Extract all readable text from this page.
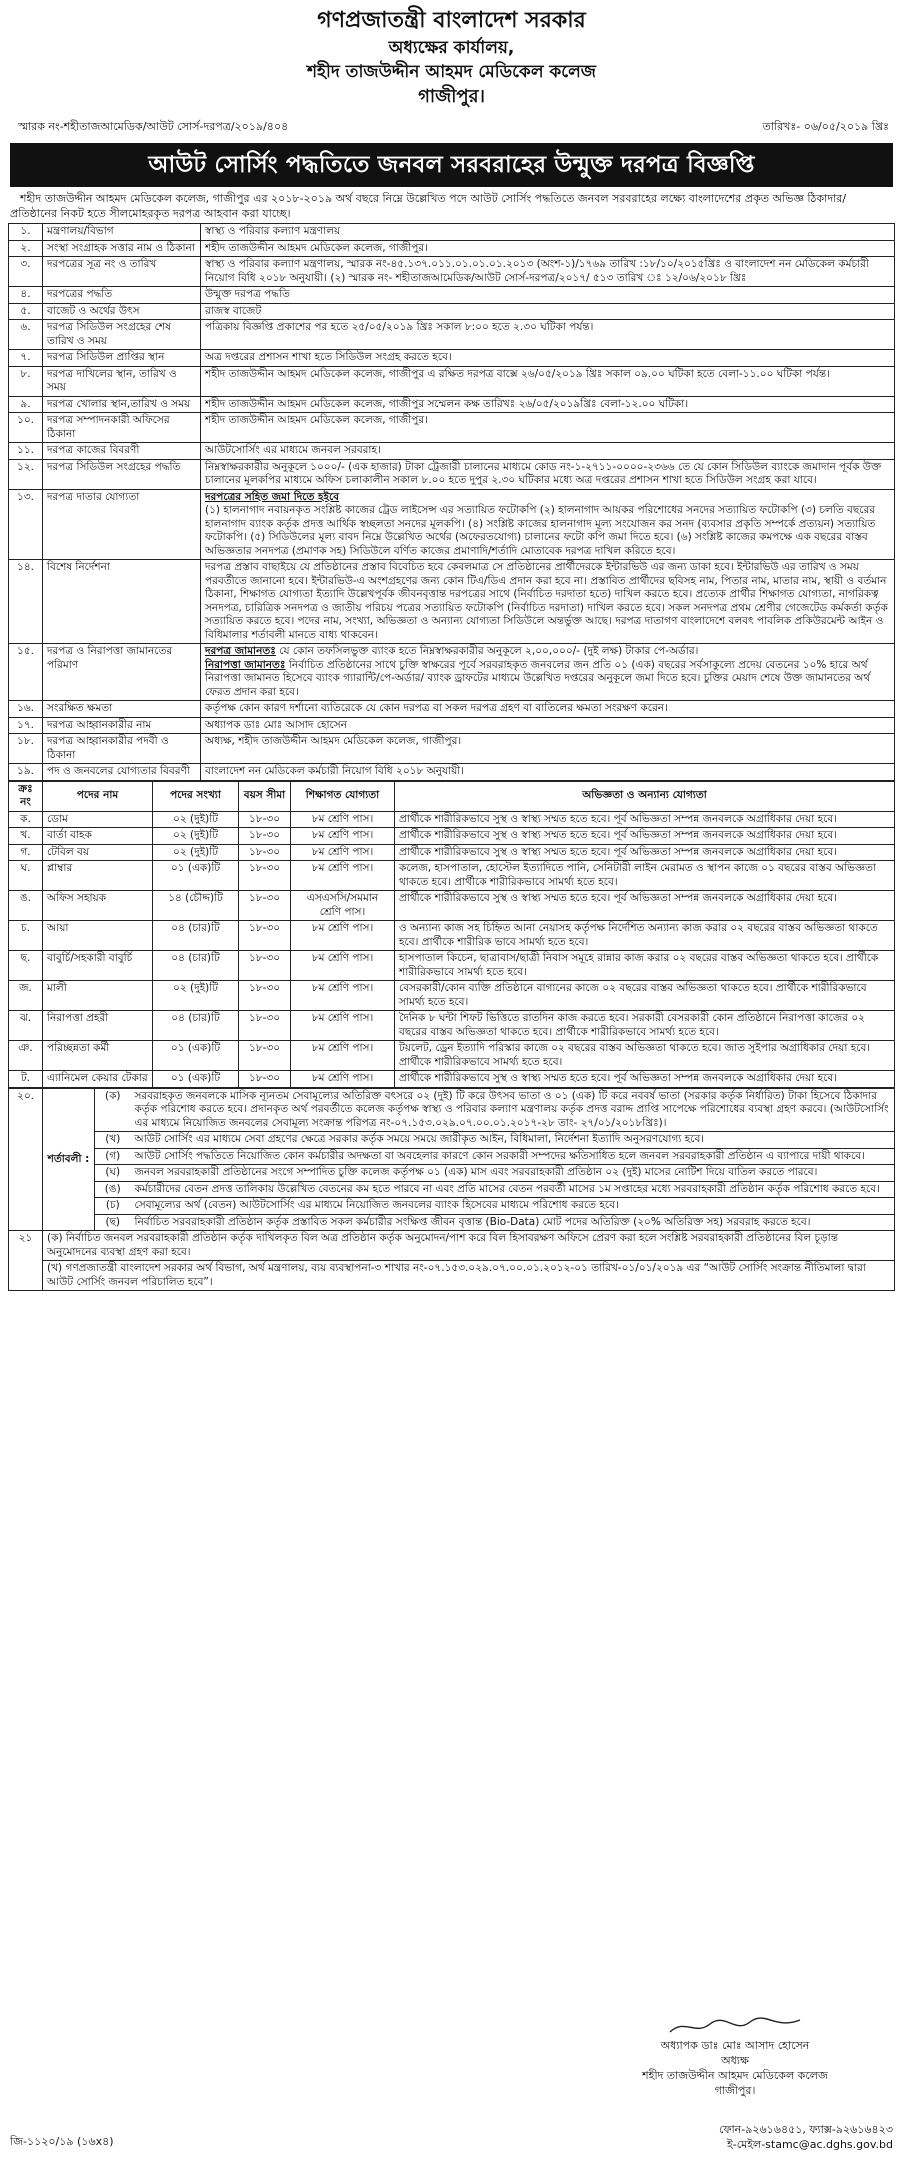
গণপ্রজাতন্ত্রী বাংলাদেশ সরকার
অধ্যক্ষের কার্যালয়,
শহীদ তাজউদ্দীন আহমদ মেডিকেল কলেজ
গাজীপুর।
স্মারক নং-শহীতাজআমেডিক/আউট সোর্স-দরপত্র/২০১৯/৪০৪	তারিখঃ- ০৬/০৫/২০১৯ খ্রিঃ
আউট সোর্সিং পদ্ধতিতে জনবল সরবরাহের উন্মুক্ত দরপত্র বিজ্ঞপ্তি
শহীদ তাজউদ্দীন আহমদ মেডিকেল কলেজ, গাজীপুর এর ২০১৮-২০১৯ অর্থ বছরে নিম্নে উল্লেখিত পদে আউট সোর্সিং পদ্ধতিতে জনবল সরবরাহের লক্ষ্যে বাংলাদেশের প্রকৃত অভিজ্ঞ ঠিকাদার/প্রতিষ্ঠানের নিকট হতে সীলমোহরকৃত দরপত্র আহবান করা যাচ্ছে।
১.	মন্ত্রণালয়/বিভাগ	স্বাস্থ্য ও পরিবার কল্যাণ মন্ত্রণালয়
২.	সংস্থা সংগ্রাহক সত্তার নাম ও ঠিকানা	শহীদ তাজউদ্দীন আহমদ মেডিকেল কলেজ, গাজীপুর।
৩.	দরপত্রের সূত্র নং ও তারিখ	স্বাস্থ্য ও পরিবার কল্যাণ মন্ত্রণালয়, স্মারক নং-৪৫.১৩৭.০১১.০১.০১.০১.২০১৩ (অংশ-১)/১৭৬৯ তারিখ :১৮/১০/২০১৫খ্রিঃ ও বাংলাদেশ নন মেডিকেল কর্মচারী নিয়োগ বিধি ২০১৮ অনুযায়ী। (২) স্মারক নং- শহীতাজআমেডিক/আউট সোর্স-দরপত্র/২০১৭/ ৫১৩ তারিখ ঃ ১২/০৬/২০১৮ খ্রিঃ
৪.	দরপত্রের পদ্ধতি	উন্মুক্ত দরপত্র পদ্ধতি
৫.	বাজেট ও অর্থের উৎস	রাজস্ব বাজেট
৬.	দরপত্র সিডিউল সংগ্রহের শেষ তারিখ ও সময়	পত্রিকায় বিজ্ঞপ্তি প্রকাশের পর হতে ২৫/০৫/২০১৯ খ্রিঃ সকাল ৮:০০ হতে ২.৩০ ঘটিকা পর্যন্ত।
৭.	দরপত্র সিডিউল প্রাপ্তির স্থান	অত্র দপ্তরের প্রশাসন শাখা হতে সিডিউল সংগ্রহ করতে হবে।
৮.	দরপত্র দাখিলের স্থান, তারিখ ও সময়	শহীদ তাজউদ্দীন আহমদ মেডিকেল কলেজ, গাজীপুর এ রক্ষিত দরপত্র বাক্সে ২৬/০৫/২০১৯ খ্রিঃ সকাল ০৯.০০ ঘটিকা হতে বেলা-১১.০০ ঘটিকা পর্যন্ত।
৯.	দরপত্র খোলার স্থান,তারিখ ও সময়	শহীদ তাজউদ্দীন আহমদ মেডিকেল কলেজ, গাজীপুর সম্মেলন কক্ষ তারিখঃ ২৬/০৫/২০১৯খ্রিঃ বেলা-১২.০০ ঘটিকা।
১০.	দরপত্র সম্পাদনকারী অফিসের ঠিকানা	শহীদ তাজউদ্দীন আহমদ মেডিকেল কলেজ, গাজীপুর।
১১.	দরপত্র কাজের বিবরণী	আউটসোর্সিং এর মাধ্যমে জনবল সরবরাহ।
১২.	দরপত্র সিডিউল সংগ্রহের পদ্ধতি	নিম্নস্বাক্ষরকারীর অনুকূলে ১০০০/- (এক হাজার) টাকা ট্রেজারী চালানের মাধ্যমে কোড নং-১-২৭১১-০০০০-২৩৬৬ তে যে কোন সিডিউল ব্যাংকে জমাদান পূর্বক উক্ত চালানের মূলকপির মাধ্যমে অফিস চলাকালীন সকাল ৮.০০ হতে দুপুর ২.৩০ ঘটিকার মধ্যে অত্র দপ্তরের প্রশাসন শাখা হতে সিডিউল সংগ্রহ করা যাবে।
১৩.	দরপত্র দাতার যোগ্যতা	দরপত্রের সহিত জমা দিতে হইবে
(১) হালনাগাদ নবায়নকৃত সংশ্লিষ্ট কাজের ট্রেড লাইসেন্স এর সত্যায়িত ফটোকপি (২) হালনাগাদ আয়কর পরিশোধের সনদের সত্যায়িত ফটোকপি (৩) চলতি বছরের হালনাগাদ ব্যাংক কর্তৃক প্রদত্ত আর্থিক স্বচ্ছলতা সনদের মূলকপি। (৪) সংশ্লিষ্ট কাজের হালনাগাদ মূল্য সংযোজন কর সনদ (ব্যবসার প্রকৃতি সম্পর্কে প্রত্যয়ন) সত্যায়িত ফটোকপি। (৫) সিডিউলের মূল্য বাবদ নিম্নে উল্লেখিত অর্থের (অফেরতযোগ্য) চালানের ফটো কপি জমা দিতে হবে। (৬) সংশ্লিষ্ট কাজের কমপক্ষে এক বছরের বাস্তব অভিজ্ঞতার সনদপত্র (প্রমাণক সহ) সিডিউলে বর্ণিত কাজের প্রমাণাদি/শর্তাদি মোতাবেক দরপত্র দাখিল করিতে হবে।

১৪.	বিশেষ নির্দেশনা	দরপত্র প্রস্তাব বাছাইয়ে যে প্রতিষ্ঠানের প্রস্তাব বিবেচিত হবে কেবলমাত্র সে প্রতিষ্ঠানের প্রার্থীদেরকে ইন্টারভিউ এর জন্য ডাকা হবে। ইন্টারভিউ এর তারিখ ও সময় পরবর্তীতে জানানো হবে। ইন্টারভিউ-এ অংশগ্রহণের জন্য কোন টিএ/ডিএ প্রদান করা হবে না। প্রস্তাবিত প্রার্থীদের ছবিসহ নাম, পিতার নাম, মাতার নাম, স্থায়ী ও বর্তমান ঠিকানা, শিক্ষাগত যোগ্যতা ইত্যাদি উল্লেখপূর্বক জীবনবৃত্তান্ত দরপত্রের সাথে (নির্বাচিত দরদাতা হতে) দাখিল করতে হবে। প্রত্যেক প্রার্থীর শিক্ষাগত যোগ্যতা, নাগরিকত্ব সনদপত্র, চারিত্রিক সনদপত্র ও জাতীয় পরিচয় পত্রের সত্যায়িত ফটোকপি (নির্বাচিত দরদাতা) দাখিল করতে হবে। সকল সনদপত্র প্রথম শ্রেণীর গেজেটেড কর্মকর্তা কর্তৃক সত্যায়িত করতে হবে। পদের নাম, সংখ্যা, অভিজ্ঞতা ও অন্যান্য যোগ্যতা সিডিউলে অন্তর্ভুক্ত আছে। দরপত্র দাতাগণ বাংলাদেশে বলবৎ পাবলিক প্রকিউরমেন্ট আইন ও বিধিমালার শর্তাবলী মানতে বাধ্য থাকবেন।
১৫.	দরপত্র ও নিরাপত্তা জামানতের পরিমাণ	দরপত্র জামানতঃ যে কোন তফসিলভুক্ত ব্যাংক হতে নিম্নস্বাক্ষরকারীর অনুকূলে ২,০০,০০০/- (দুই লক্ষ) টাকার পে-অর্ডার।
নিরাপত্তা জামানতঃ নির্বাচিত প্রতিষ্ঠানের সাথে চুক্তি স্বাক্ষরের পূর্বে সরবরাহকৃত জনবলের জন প্রতি ০১ (এক) বছরের সর্বসাকুল্যে প্রদেয় বেতনের ১০% হারে অর্থ নিরাপত্তা জামানত হিসেবে ব্যাংক গ্যারান্টি/পে-অর্ডার/ ব্যাংক ড্রাফটের মাধ্যমে উল্লেখিত দপ্তরের অনুকূলে জমা দিতে হবে। চুক্তির মেয়াদ শেষে উক্ত জামানতের অর্থ ফেরত প্রদান করা হবে।

১৬.	সংরক্ষিত ক্ষমতা	কর্তৃপক্ষ কোন কারণ দর্শানো ব্যতিরেকে যে কোন দরপত্র বা সকল দরপত্র গ্রহণ বা বাতিলের ক্ষমতা সংরক্ষণ করেন।
১৭.	দরপত্র আহ্বানকারীর নাম	অধ্যাপক ডাঃ মোঃ আসাদ হোসেন
১৮.	দরপত্র আহ্বানকারীর পদবী ও ঠিকানা	অধ্যক্ষ, শহীদ তাজউদ্দীন আহমদ মেডিকেল কলেজ, গাজীপুর।
১৯.	পদ ও জনবলের যোগ্যতার বিবরণী	বাংলাদেশ নন মেডিকেল কর্মচারী নিয়োগ বিধি ২০১৮ অনুযায়ী।
ক্রঃ নং	পদের নাম	পদের সংখ্যা	বয়স সীমা	শিক্ষাগত যোগ্যতা	অভিজ্ঞতা ও অন্যান্য যোগ্যতা
ক.	ডোম	০২ (দুই)টি	১৮-৩০	৮ম শ্রেণি পাস।	প্রার্থীকে শারীরিকভাবে সুস্থ ও স্বাস্থ্য সম্মত হতে হবে। পূর্ব অভিজ্ঞতা সম্পন্ন জনবলকে অগ্রাধিকার দেয়া হবে।
খ.	বার্তা বাহক	০২ (দুই)টি	১৮-৩০	৮ম শ্রেণি পাস।	প্রার্থীকে শারীরিকভাবে সুস্থ ও স্বাস্থ্য সম্মত হতে হবে। পূর্ব অভিজ্ঞতা সম্পন্ন জনবলকে অগ্রাধিকার দেয়া হবে।
গ.	টেবিল বয়	০২ (দুই)টি	১৮-৩০	৮ম শ্রেণি পাস।	প্রার্থীকে শারীরিকভাবে সুস্থ ও স্বাস্থ্য সম্মত হতে হবে। পূর্ব অভিজ্ঞতা সম্পন্ন জনবলকে অগ্রাধিকার দেয়া হবে।
ঘ.	প্লাম্বার	০১ (এক)টি	১৮-৩০	৮ম শ্রেণি পাস।	কলেজ, হাসপাতাল, হোস্টেল ইত্যাদিতে পানি, সেনিটারী লাইন মেরামত ও স্থাপন কাজে ০১ বছরের বাস্তব অভিজ্ঞতা থাকতে হবে। প্রার্থীকে শারীরিকভাবে সামর্থ্য হতে হবে।
ঙ.	অফিস সহায়ক	১৪ (চৌদ্দ)টি	১৮-৩০	এসএসসি/সমমান শ্রেণি পাস।	প্রার্থীকে শারীরিকভাবে সুস্থ ও স্বাস্থ্য সম্মত হতে হবে। পূর্ব অভিজ্ঞতা সম্পন্ন জনবলকে অগ্রাধিকার দেয়া হবে।
চ.	আয়া	০৪ (চার)টি	১৮-৩০	৮ম শ্রেণি পাস।	ও অন্যান্য কাজ সহ চিহ্নিত আনা নেয়াসহ কর্তৃপক্ষ নির্দেশিত অন্যান্য কাজ করার ০২ বছরের বাস্তব অভিজ্ঞতা থাকতে হবে। প্রার্থীকে শারীরিক ভাবে সামর্থ্য হতে হবে।
ছ.	বাবুর্চি/সহকারী বাবুর্চি	০৪ (চার)টি	১৮-৩০	৮ম শ্রেণি পাস।	হাসপাতাল কিচেন, ছাত্রাবাস/ছাত্রী নিবাস সমূহে রান্নার কাজ করার ০২ বছরের বাস্তব অভিজ্ঞতা থাকতে হবে। প্রার্থীকে শারীরিকভাবে সামর্থ্য হতে হবে।
জ.	মালী	০২ (দুই)টি	১৮-৩০	৮ম শ্রেণি পাস।	বেসরকারী/কোন ব্যক্তি প্রতিষ্ঠানে বাগানের কাজে ০২ বছরের বাস্তব অভিজ্ঞতা থাকতে হবে। প্রার্থীকে শারীরিকভাবে সামর্থ্য হতে হবে।
ঝ.	নিরাপত্তা প্রহরী	০৪ (চার)টি	১৮-৩০	৮ম শ্রেণি পাস।	দৈনিক ৮ ঘন্টা শিফট ভিত্তিতে রাতদিন কাজ করতে হবে। সরকারী বেসরকারী কোন প্রতিষ্ঠানে নিরাপত্তা কাজের ০২ বছরের বাস্তব অভিজ্ঞতা থাকতে হবে। প্রার্থীকে শারীরিকভাবে সামর্থ্য হতে হবে।
ঞ.	পরিচ্ছন্নতা কর্মী	০১ (এক)টি	১৮-৩০	৮ম শ্রেণি পাস।	টয়লেট, ড্রেন ইত্যাদি পরিস্কার কাজে ০২ বছরের বাস্তব অভিজ্ঞতা থাকতে হবে। জাত সুইপার অগ্রাধিকার দেয়া হবে। প্রার্থীকে শারীরিকভাবে সামর্থ্য হতে হবে।
ট.	এ্যানিমেল কেয়ার টেকার	০১ (এক)টি	১৮-৩০	৮ম শ্রেণি পাস।	প্রার্থীকে শারীরিকভাবে সুস্থ ও স্বাস্থ্য সম্মত হতে হবে। পূর্ব অভিজ্ঞতা সম্পন্ন জনবলকে অগ্রাধিকার দেয়া হবে।
২০.	শর্তাবলী :	(ক)	সরবরাহকৃত জনবলকে মাসিক ন্যূনতম সেবামূল্যের অতিরিক্ত বৎসরে ০২ (দুই) টি করে উৎসব ভাতা ও ০১ (এক) টি করে নববর্ষ ভাতা (সরকার কর্তৃক নির্ধারিত) টাকা হিসেবে ঠিকাদার কর্তৃক পরিশোধ করতে হবে। প্রদানকৃত অর্থ পরবর্তীতে কলেজ কর্তৃপক্ষ স্বাস্থ্য ও পরিবার কল্যাণ মন্ত্রণালয় কর্তৃক প্রদত্ত বরাদ্দ প্রাপ্তি সাপেক্ষে পরিশোধের ব্যবস্থা গ্রহণ করবে। (আউটসোর্সিং এর মাধ্যমে নিয়োজিত জনবলের সেবামূল্য সংক্রান্ত পরিপত্র নং-০৭.১৫৩.০২৯.০৭.০০.০১.২০১৭-২৮ তাং- ২৭/০১/২০১৮খ্রিঃ)।
		(খ)	আউট সোর্সিং এর মাধ্যমে সেবা গ্রহণের ক্ষেত্রে সরকার কর্তৃক সময়ে সময়ে জারীকৃত আইন, বিধিমালা, নির্দেশনা ইত্যাদি অনুসরণযোগ্য হবে।
		(গ)	আউট সোর্সিং পদ্ধতিতে নিয়োজিত কোন কর্মচারীর অদক্ষতা বা অবহেলার কারণে কোন সরকারী সম্পদের ক্ষতিসাধিত হলে জনবল সরবরাহকারী প্রতিষ্ঠান এ ব্যাপারে দায়ী থাকবে।
		(ঘ)	জনবল সরবরাহকারী প্রতিষ্ঠানের সংগে সম্পাদিত চুক্তি কলেজ কর্তৃপক্ষ ০১ (এক) মাস এবং সরবরাহকারী প্রতিষ্ঠান ০২ (দুই) মাসের নোটিশ দিয়ে বাতিল করতে পারবে।
		(ঙ)	কর্মচারীদের বেতন প্রদত্ত তালিকায় উল্লেখিত বেতনের কম হতে পারবে না এবং প্রতি মাসের বেতন পরবর্তী মাসের ১ম সপ্তাহের মধ্যে সরবরাহকারী প্রতিষ্ঠান কর্তৃক পরিশোধ করতে হবে।
		(চ)	সেবামূল্যের অর্থ (বেতন) আউটসোর্সিং এর মাধ্যমে নিয়োজিত জনবলের ব্যাংক হিসেবের মাধ্যমে পরিশোধ করতে হবে।
		(ছ)	নির্বাচিত সরবরাহকারী প্রতিষ্ঠান কর্তৃক প্রস্তাবিত সকল কর্মচারীর সংক্ষিপ্ত জীবন বৃত্তান্ত (Bio-Data) মোট পদের অতিরিক্ত (২০% অতিরিক্ত সহ) সরবরাহ করতে হবে।
২১	(ক) নির্বাচিত জনবল সরবরাহকারী প্রতিষ্ঠান কর্তৃক দাখিলকৃত বিল অত্র প্রতিষ্ঠান কর্তৃক অনুমোদন/পাশ করে বিল হিসাবরক্ষণ অফিসে প্রেরণ করা হলে সংশ্লিষ্ট সরবরাহকারী প্রতিষ্ঠানের বিল চূড়ান্ত অনুমোদনের ব্যবস্থা গ্রহণ করা হবে।		
	(খ) গণপ্রজাতন্ত্রী বাংলাদেশ সরকার অর্থ বিভাগ, অর্থ মন্ত্রণালয়, ব্যয় ব্যবস্থাপনা-৩ শাখার নং-০৭.১৫৩.০২৯.০৭.০০.০১.২০১২-০১ তারিখ-০১/০১/২০১৯ এর “আউট সোর্সিং সংক্রান্ত নীতিমালা দ্বারা আউট সোর্সিং জনবল পরিচালিত হবে”।		
অধ্যাপক ডাঃ মোঃ আসাদ হোসেন
অধ্যক্ষ
শহীদ তাজউদ্দীন আহমদ মেডিকেল কলেজ
গাজীপুর।
জি-১১২০/১৯ (১৬x৪)
ফোন-৯২৬১৬৪৫১, ফ্যাক্স-৯২৬১৬৪২৩
ই-মেইল-stamc@ac.dghs.gov.bd
